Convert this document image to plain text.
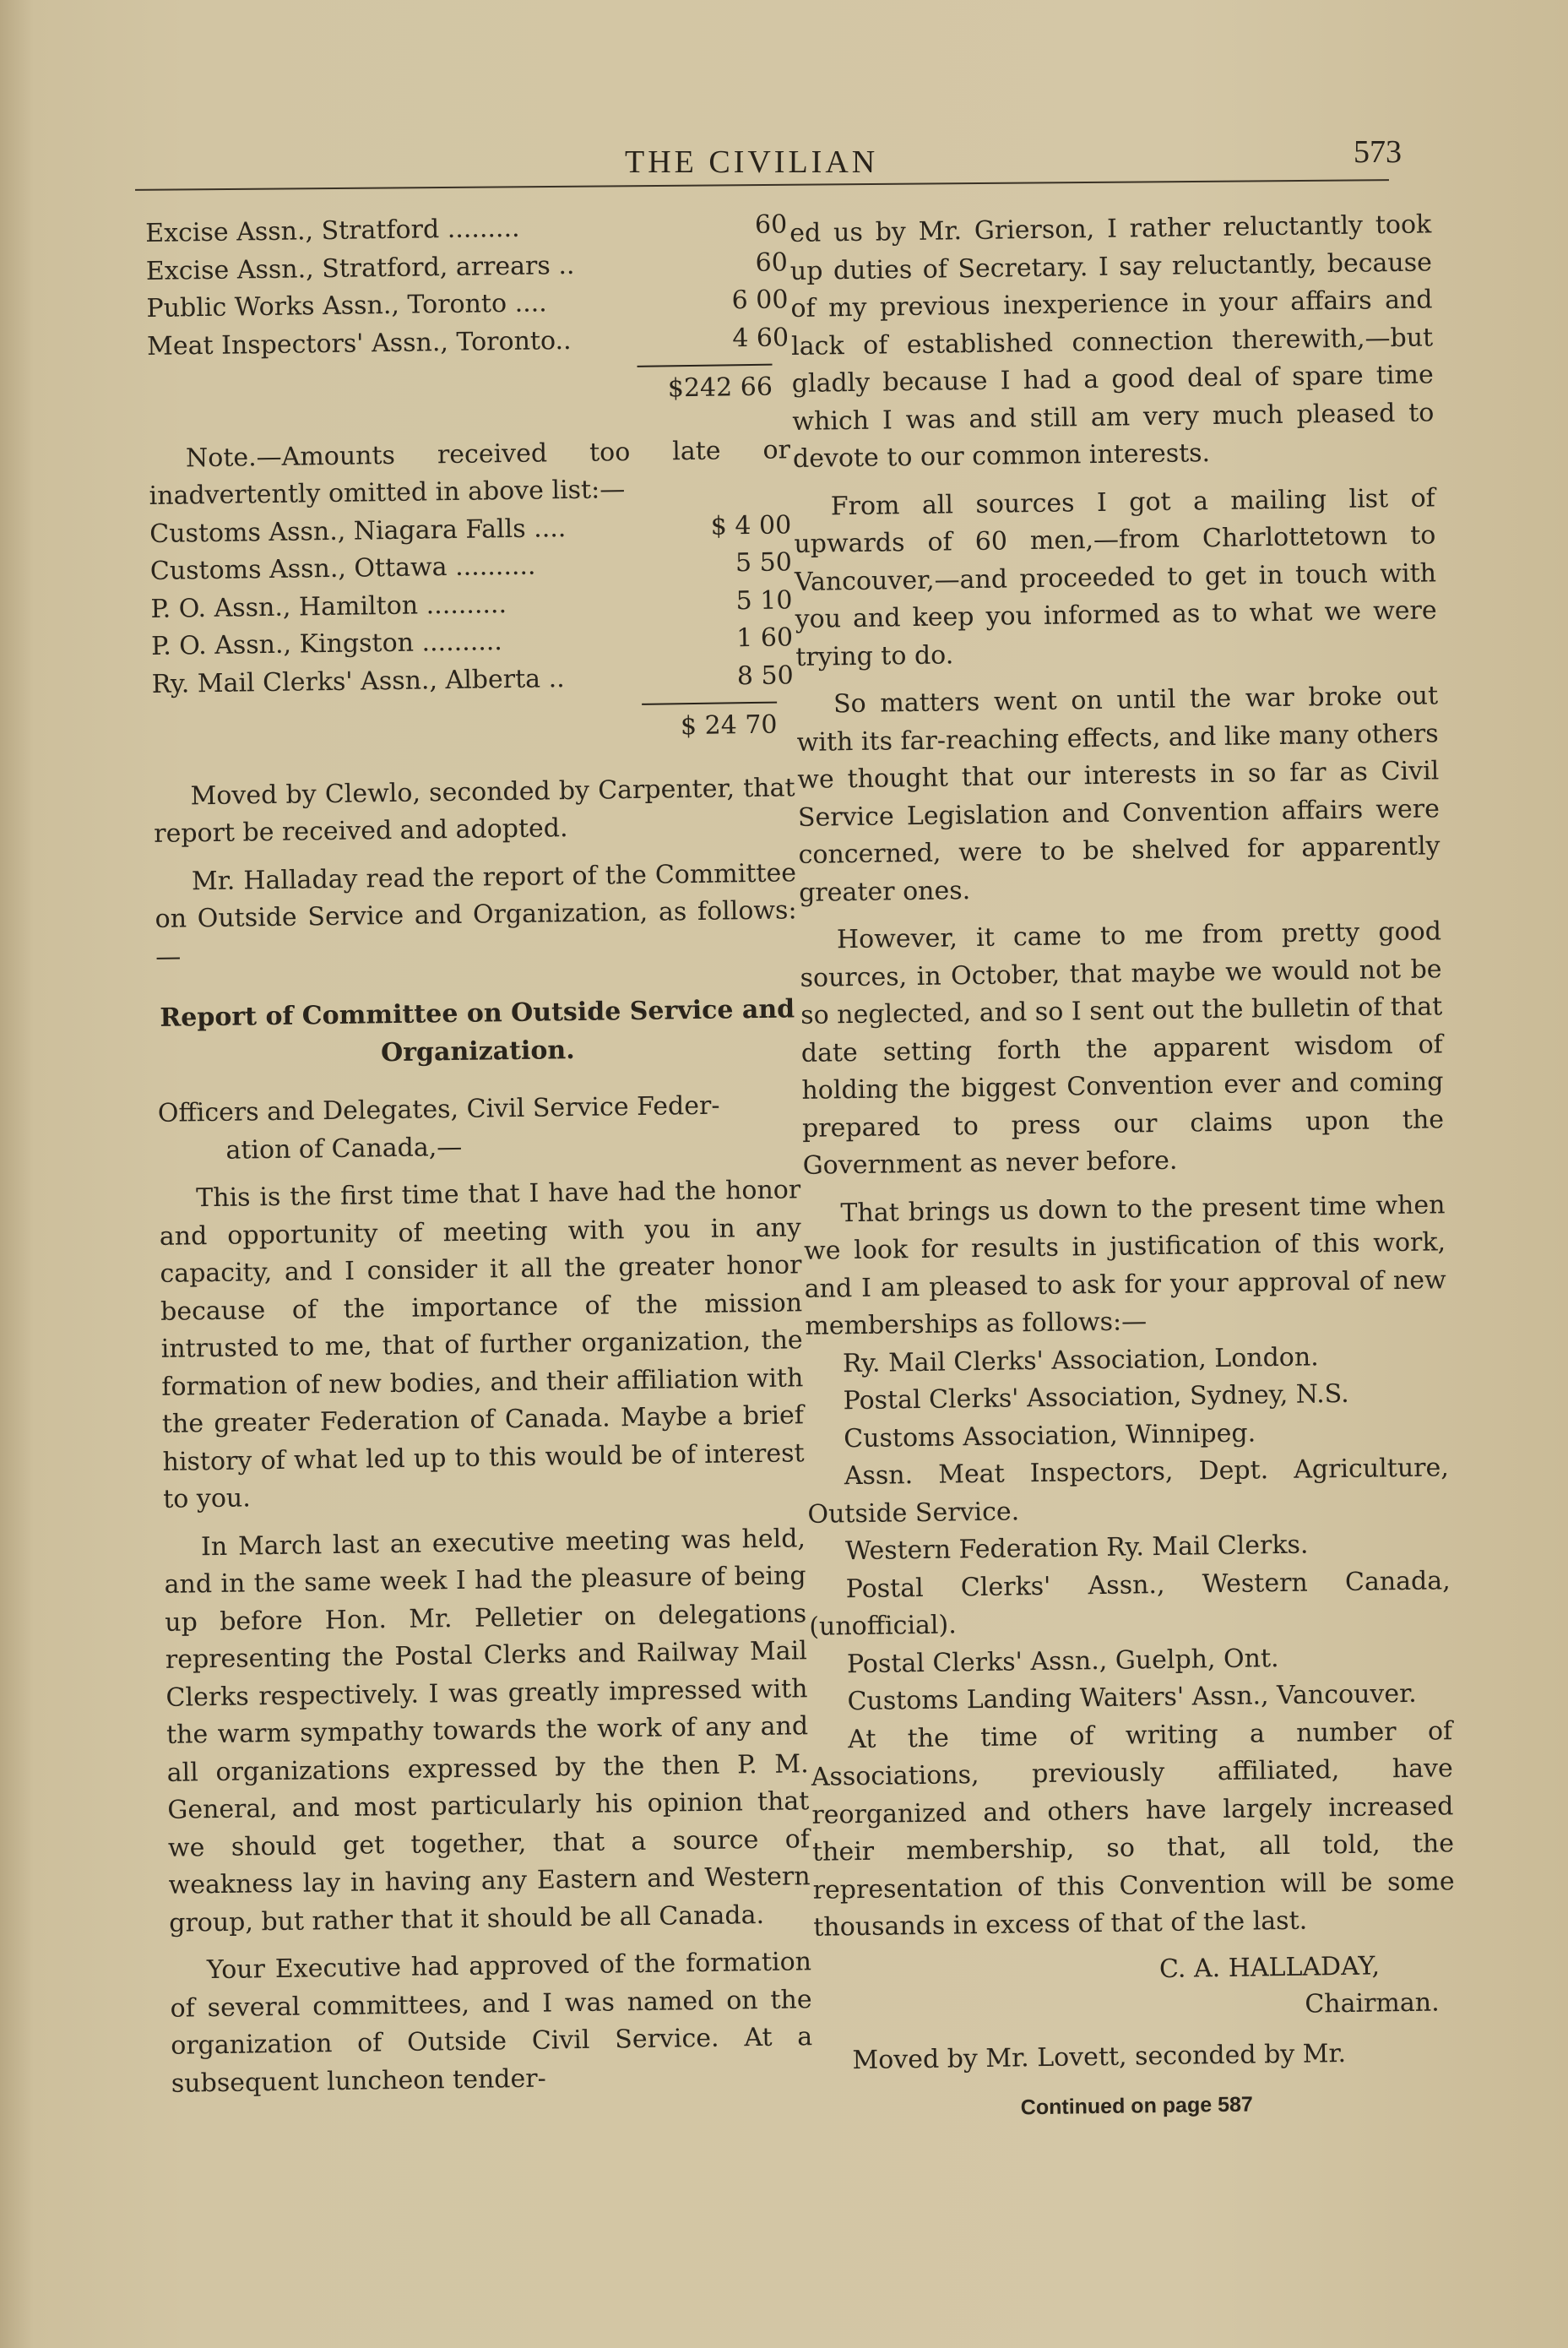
THE CIVILIAN	573
Excise Assn., Stratford .........	60
Excise Assn., Stratford, arrears ..	60
Public Works Assn., Toronto ....	6 00
Meat Inspectors' Assn., Toronto..	4 60
$242 66

Note.—Amounts received too late or inadvertently omitted in above list:—

Customs Assn., Niagara Falls ....	$ 4 00
Customs Assn., Ottawa ..........	5 50
P. O. Assn., Hamilton ..........	5 10
P. O. Assn., Kingston ..........	1 60
Ry. Mail Clerks' Assn., Alberta ..	8 50
$ 24 70

Moved by Clewlo, seconded by Carpenter, that report be received and adopted.

Mr. Halladay read the report of the Committee on Outside Service and Organization, as follows:—

Report of Committee on Outside Service and Organization.

Officers and Delegates, Civil Service Feder-

ation of Canada,—

This is the first time that I have had the honor and opportunity of meeting with you in any capacity, and I consider it all the greater honor because of the importance of the mission intrusted to me, that of further organization, the formation of new bodies, and their affiliation with the greater Federation of Canada. Maybe a brief history of what led up to this would be of interest to you.

In March last an executive meeting was held, and in the same week I had the pleasure of being up before Hon. Mr. Pelletier on delegations representing the Postal Clerks and Railway Mail Clerks respectively. I was greatly impressed with the warm sympathy towards the work of any and all organizations expressed by the then P. M. General, and most particularly his opinion that we should get together, that a source of weakness lay in having any Eastern and Western group, but rather that it should be all Canada.

Your Executive had approved of the formation of several committees, and I was named on the organization of Outside Civil Service. At a subsequent luncheon tender-

ed us by Mr. Grierson, I rather reluctantly took up duties of Secretary. I say reluctantly, because of my previous inexperience in your affairs and lack of established connection therewith,—but gladly because I had a good deal of spare time which I was and still am very much pleased to devote to our common interests.

From all sources I got a mailing list of upwards of 60 men,—from Charlottetown to Vancouver,—and proceeded to get in touch with you and keep you informed as to what we were trying to do.

So matters went on until the war broke out with its far-reaching effects, and like many others we thought that our interests in so far as Civil Service Legislation and Convention affairs were concerned, were to be shelved for apparently greater ones.

However, it came to me from pretty good sources, in October, that maybe we would not be so neglected, and so I sent out the bulletin of that date setting forth the apparent wisdom of holding the biggest Convention ever and coming prepared to press our claims upon the Government as never before.

That brings us down to the present time when we look for results in justification of this work, and I am pleased to ask for your approval of new memberships as follows:—

Ry. Mail Clerks' Association, London.

Postal Clerks' Association, Sydney, N.S.

Customs Association, Winnipeg.

Assn. Meat Inspectors, Dept. Agriculture, Outside Service.

Western Federation Ry. Mail Clerks.

Postal Clerks' Assn., Western Canada, (unofficial).

Postal Clerks' Assn., Guelph, Ont.

Customs Landing Waiters' Assn., Vancouver.

At the time of writing a number of Associations, previously affiliated, have reorganized and others have largely increased their membership, so that, all told, the representation of this Convention will be some thousands in excess of that of the last.

C. A. HALLADAY,
Chairman.

Moved by Mr. Lovett, seconded by Mr.

Continued on page 587
